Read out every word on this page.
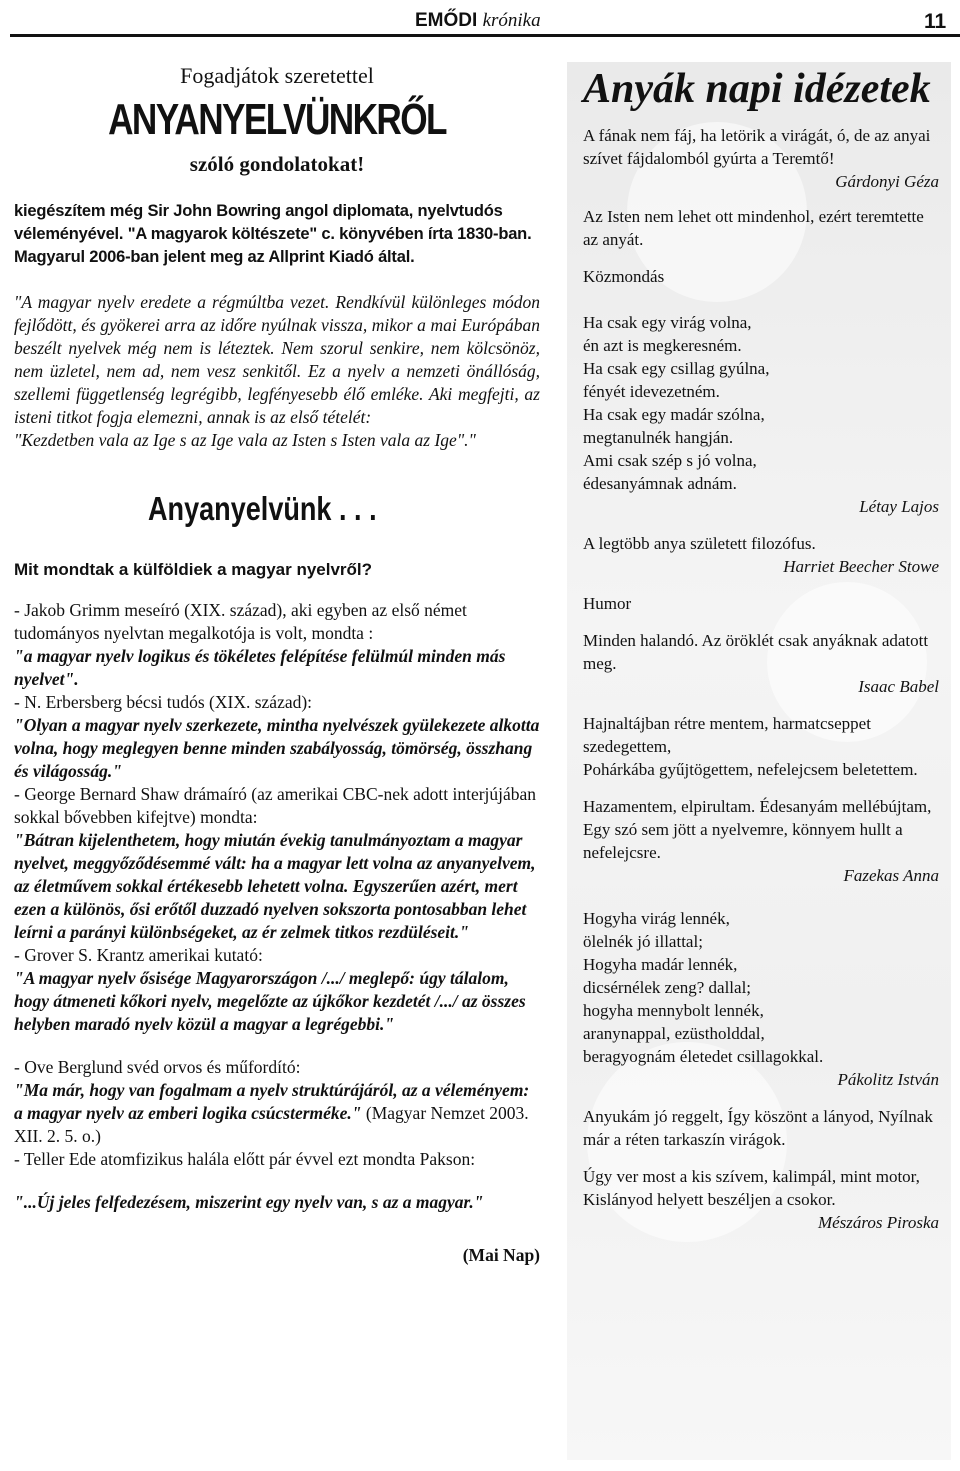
EMŐDI krónika	11
Fogadjátok szeretettel
ANYANYELVÜNKRŐL
szóló gondolatokat!

kiegészítem még Sir John Bowring angol diplomata, nyelvtudós véleményével. "A magyarok költészete" c. könyvében írta 1830-ban. Magyarul 2006-ban jelent meg az Allprint Kiadó által.

"A magyar nyelv eredete a régmúltba vezet. Rendkívül különleges módon fejlődött, és gyökerei arra az időre nyúlnak vissza, mikor a mai Európában beszélt nyelvek még nem is léteztek. Nem szorul senkire, nem kölcsönöz, nem üzletel, nem ad, nem vesz senkitől. Ez a nyelv a nemzeti önállóság, szellemi függetlenség legrégibb, legfényesebb élő emléke. Aki megfejti, az isteni titkot fogja elemezni, annak is az első tételét:

"Kezdetben vala az Ige s az Ige vala az Isten s Isten vala az Ige"."

Anyanyelvünk . . .

Mit mondtak a külföldiek a magyar nyelvről?

- Jakob Grimm meseíró (XIX. század), aki egyben az első német tudományos nyelvtan megalkotója is volt, mondta :

"a magyar nyelv logikus és tökéletes felépítése felülmúl minden más nyelvet".

- N. Erbersberg bécsi tudós (XIX. század):

"Olyan a magyar nyelv szerkezete, mintha nyelvészek gyülekezete alkotta volna, hogy meglegyen benne minden szabályosság, tömörség, összhang és világosság."

- George Bernard Shaw drámaíró (az amerikai CBC-nek adott interjújában sokkal bővebben kifejtve) mondta:

"Bátran kijelenthetem, hogy miután évekig tanulmányoztam a magyar nyelvet, meggyőződésemmé vált: ha a magyar lett volna az anyanyelvem, az életművem sokkal értékesebb lehetett volna. Egyszerűen azért, mert ezen a különös, ősi erőtől duzzadó nyelven sokszorta pontosabban lehet leírni a parányi különbségeket, az ér zelmek titkos rezdüléseit."

- Grover S. Krantz amerikai kutató:

"A magyar nyelv ősisége Magyarországon /.../ meglepő: úgy tálalom, hogy átmeneti kőkori nyelv, megelőzte az újkőkor kezdetét /.../ az összes helyben maradó nyelv közül a magyar a legrégebbi."

- Ove Berglund svéd orvos és műfordító:

"Ma már, hogy van fogalmam a nyelv struktúrájáról, az a véleményem: a magyar nyelv az emberi logika csúcsterméke." (Magyar Nemzet 2003. XII. 2. 5. o.)

- Teller Ede atomfizikus halála előtt pár évvel ezt mondta Pakson:

"...Új jeles felfedezésem, miszerint egy nyelv van, s az a magyar."

(Mai Nap)

Anyák napi idézetek

A fának nem fáj, ha letörik a virágát, ó, de az anyai szívet fájdalomból gyúrta a Teremtő!

Gárdonyi Géza

Az Isten nem lehet ott mindenhol, ezért teremtette az anyát.

Közmondás

Ha csak egy virág volna,

én azt is megkeresném.

Ha csak egy csillag gyúlna,

fényét idevezetném.

Ha csak egy madár szólna,

megtanulnék hangján.

Ami csak szép s jó volna,

édesanyámnak adnám.

Létay Lajos

A legtöbb anya született filozófus.

Harriet Beecher Stowe

Humor

Minden halandó. Az öröklét csak anyáknak adatott meg.

Isaac Babel

Hajnaltájban rétre mentem, harmatcseppet szedegettem,

Pohárkába gyűjtögettem, nefelejcsem beletettem.

Hazamentem, elpirultam. Édesanyám mellébújtam,

Egy szó sem jött a nyelvemre, könnyem hullt a nefelejcsre.

Fazekas Anna

Hogyha virág lennék,

ölelnék jó illattal;

Hogyha madár lennék,

dicsérnélek zeng? dallal;

hogyha mennybolt lennék,

aranynappal, ezüstholddal,

beragyognám életedet csillagokkal.

Pákolitz István

Anyukám jó reggelt, Így köszönt a lányod, Nyílnak már a réten tarkaszín virágok.

Úgy ver most a kis szívem, kalimpál, mint motor,

Kislányod helyett beszéljen a csokor.

Mészáros Piroska
